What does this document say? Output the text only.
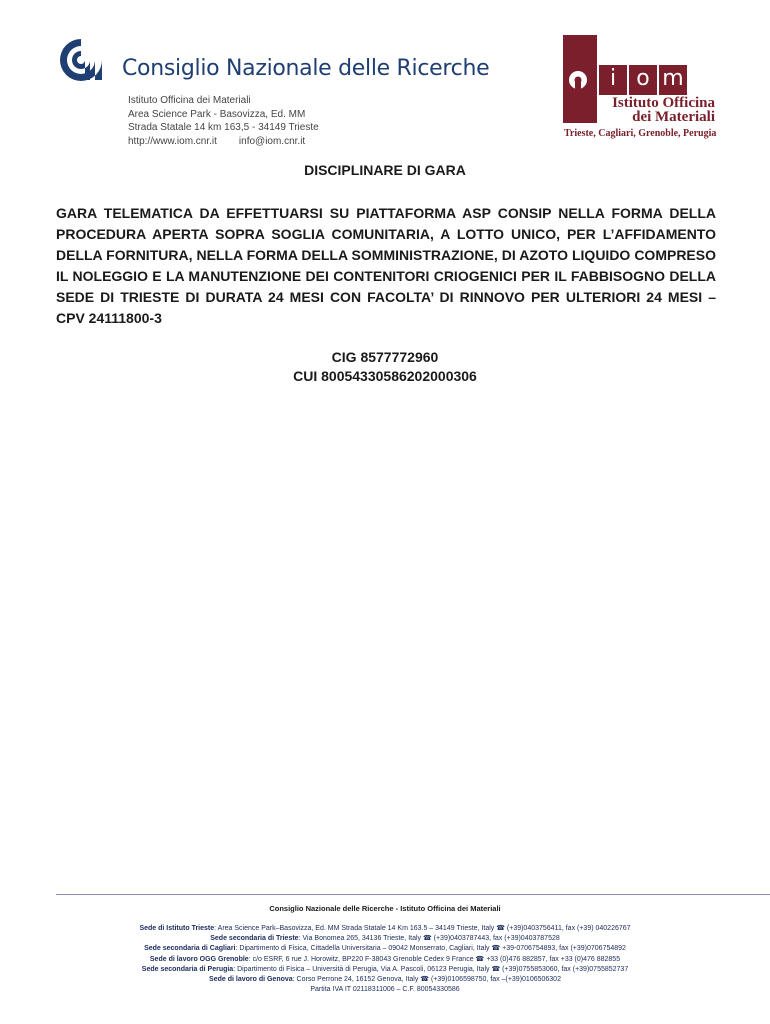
Consiglio Nazionale delle Ricerche
Istituto Officina dei Materiali
Area Science Park - Basovizza, Ed. MM
Strada Statale 14 km 163,5 - 34149 Trieste
http://www.iom.cnr.it info@iom.cnr.it
i o m
Istituto Officina
dei Materiali
Trieste, Cagliari, Grenoble, Perugia
DISCIPLINARE DI GARA
GARA TELEMATICA DA EFFETTUARSI SU PIATTAFORMA ASP CONSIP NELLA FORMA DELLA PROCEDURA APERTA SOPRA SOGLIA COMUNITARIA, A LOTTO UNICO, PER L’AFFIDAMENTO DELLA FORNITURA, NELLA FORMA DELLA SOMMINISTRAZIONE, DI AZOTO LIQUIDO COMPRESO IL NOLEGGIO E LA MANUTENZIONE DEI CONTENITORI CRIOGENICI PER IL FABBISOGNO DELLA SEDE DI TRIESTE DI DURATA 24 MESI CON FACOLTA’ DI RINNOVO PER ULTERIORI 24 MESI – CPV 24111800-3
CIG 8577772960
CUI 80054330586202000306
Consiglio Nazionale delle Ricerche - Istituto Officina dei Materiali
Sede di Istituto Trieste: Area Science Park–Basovizza, Ed. MM Strada Statale 14 Km 163.5 – 34149 Trieste, Italy ☎ (+39)0403756411, fax (+39) 040226767
Sede secondaria di Trieste: Via Bonomea 265, 34136 Trieste, Italy ☎ (+39)0403787443, fax (+39)0403787528
Sede secondaria di Cagliari: Dipartimento di Fisica, Cittadella Universitaria – 09042 Monserrato, Cagliari, Italy ☎ +39-0706754893, fax (+39)0706754892
Sede di lavoro OGG Grenoble: c/o ESRF, 6 rue J. Horowitz, BP220 F-38043 Grenoble Cedex 9 France ☎ +33 (0)476 882857, fax +33 (0)476 882855
Sede secondaria di Perugia: Dipartimento di Fisica – Università di Perugia, Via A. Pascoli, 06123 Perugia, Italy ☎ (+39)0755853060, fax (+39)0755852737
Sede di lavoro di Genova: Corso Perrone 24, 16152 Genova, Italy ☎ (+39)0106598750, fax –(+39)0106506302
Partita IVA IT 02118311006 – C.F. 80054330586
